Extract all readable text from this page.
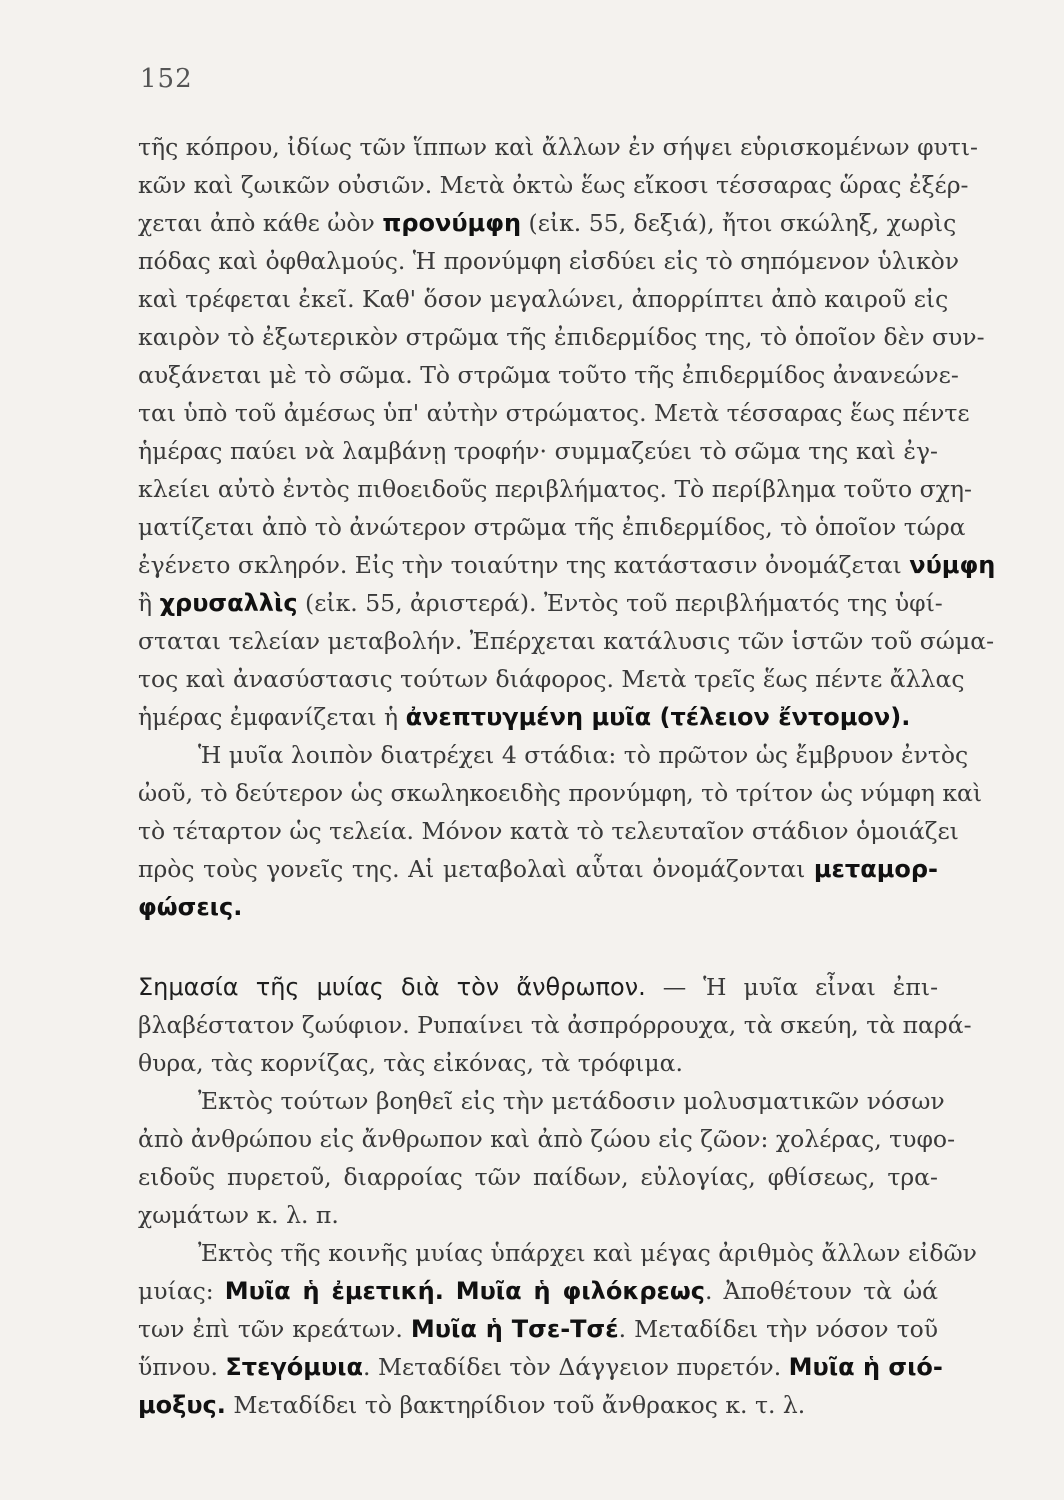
152
τῆς κόπρου, ἰδίως τῶν ἵππων καὶ ἄλλων ἐν σήψει εὑρισκομένων φυτι-
κῶν καὶ ζωικῶν οὐσιῶν. Μετὰ ὀκτὼ ἕως εἴκοσι τέσσαρας ὥρας ἐξέρ-
χεται ἀπὸ κάθε ὠὸν προνύμφη (εἰκ. 55, δεξιά), ἤτοι σκώληξ, χωρὶς
πόδας καὶ ὀφθαλμούς. Ἡ προνύμφη εἰσδύει εἰς τὸ σηπόμενον ὑλικὸν
καὶ τρέφεται ἐκεῖ. Καθ' ὅσον μεγαλώνει, ἀπορρίπτει ἀπὸ καιροῦ εἰς
καιρὸν τὸ ἐξωτερικὸν στρῶμα τῆς ἐπιδερμίδος της, τὸ ὁποῖον δὲν συν-
αυξάνεται μὲ τὸ σῶμα. Τὸ στρῶμα τοῦτο τῆς ἐπιδερμίδος ἀνανεώνε-
ται ὑπὸ τοῦ ἀμέσως ὑπ' αὐτὴν στρώματος. Μετὰ τέσσαρας ἕως πέντε
ἡμέρας παύει νὰ λαμβάνῃ τροφήν· συμμαζεύει τὸ σῶμα της καὶ ἐγ-
κλείει αὐτὸ ἐντὸς πιθοειδοῦς περιβλήματος. Τὸ περίβλημα τοῦτο σχη-
ματίζεται ἀπὸ τὸ ἀνώτερον στρῶμα τῆς ἐπιδερμίδος, τὸ ὁποῖον τώρα
ἐγένετο σκληρόν. Εἰς τὴν τοιαύτην της κατάστασιν ὀνομάζεται νύμφη
ἢ χρυσαλλὶς (εἰκ. 55, ἀριστερά). Ἐντὸς τοῦ περιβλήματός της ὑφί-
σταται τελείαν μεταβολήν. Ἐπέρχεται κατάλυσις τῶν ἱστῶν τοῦ σώμα-
τος καὶ ἀνασύστασις τούτων διάφορος. Μετὰ τρεῖς ἕως πέντε ἄλλας
ἡμέρας ἐμφανίζεται ἡ ἀνεπτυγμένη μυῖα (τέλειον ἔντομον).
Ἡ μυῖα λοιπὸν διατρέχει 4 στάδια: τὸ πρῶτον ὡς ἔμβρυον ἐντὸς
ὠοῦ, τὸ δεύτερον ὡς σκωληκοειδὴς προνύμφη, τὸ τρίτον ὡς νύμφη καὶ
τὸ τέταρτον ὡς τελεία. Μόνον κατὰ τὸ τελευταῖον στάδιον ὁμοιάζει
πρὸς τοὺς γονεῖς της. Αἱ μεταβολαὶ αὗται ὀνομάζονται μεταμορ-
φώσεις.
Σημασία τῆς μυίας διὰ τὸν ἄνθρωπον. — Ἡ μυῖα εἶναι ἐπι-
βλαβέστατον ζωύφιον. Ρυπαίνει τὰ ἀσπρόρρουχα, τὰ σκεύη, τὰ παρά-
θυρα, τὰς κορνίζας, τὰς εἰκόνας, τὰ τρόφιμα.
Ἐκτὸς τούτων βοηθεῖ εἰς τὴν μετάδοσιν μολυσματικῶν νόσων
ἀπὸ ἀνθρώπου εἰς ἄνθρωπον καὶ ἀπὸ ζώου εἰς ζῶον: χολέρας, τυφο-
ειδοῦς πυρετοῦ, διαρροίας τῶν παίδων, εὐλογίας, φθίσεως, τρα-
χωμάτων κ. λ. π.
Ἐκτὸς τῆς κοινῆς μυίας ὑπάρχει καὶ μέγας ἀριθμὸς ἄλλων εἰδῶν
μυίας: Μυῖα ἡ ἐμετική. Μυῖα ἡ φιλόκρεως. Ἀποθέτουν τὰ ὠά
των ἐπὶ τῶν κρεάτων. Μυῖα ἡ Τσε-Τσέ. Μεταδίδει τὴν νόσον τοῦ
ὕπνου. Στεγόμυια. Μεταδίδει τὸν Δάγγειον πυρετόν. Μυῖα ἡ σιό-
μοξυς. Μεταδίδει τὸ βακτηρίδιον τοῦ ἄνθρακος κ. τ. λ.
